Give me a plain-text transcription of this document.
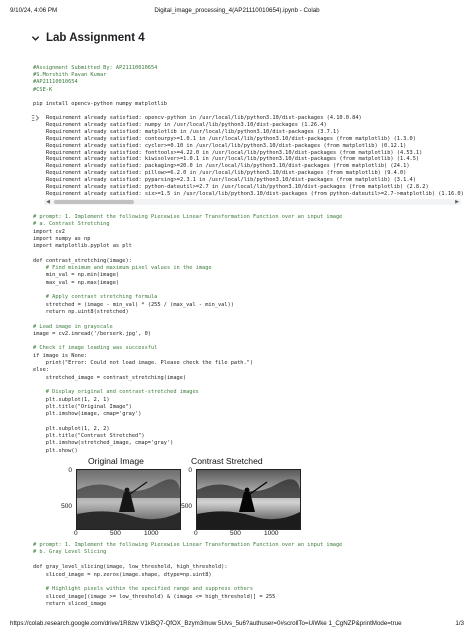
9/10/24, 4:06 PM	Digital_image_processing_4(AP21110010654).ipynb - Colab
Lab Assignment 4
#Assignment Submitted By: AP21110010654
#S.Morshith Pavan Kumar
#AP21110010654
#CSE-K
pip install opencv-python numpy matplotlib
Requirement already satisfied: opencv-python in /usr/local/lib/python3.10/dist-packages (4.10.0.84)
Requirement already satisfied: numpy in /usr/local/lib/python3.10/dist-packages (1.26.4)
Requirement already satisfied: matplotlib in /usr/local/lib/python3.10/dist-packages (3.7.1)
Requirement already satisfied: contourpy>=1.0.1 in /usr/local/lib/python3.10/dist-packages (from matplotlib) (1.3.0)
Requirement already satisfied: cycler>=0.10 in /usr/local/lib/python3.10/dist-packages (from matplotlib) (0.12.1)
Requirement already satisfied: fonttools>=4.22.0 in /usr/local/lib/python3.10/dist-packages (from matplotlib) (4.53.1)
Requirement already satisfied: kiwisolver>=1.0.1 in /usr/local/lib/python3.10/dist-packages (from matplotlib) (1.4.5)
Requirement already satisfied: packaging>=20.0 in /usr/local/lib/python3.10/dist-packages (from matplotlib) (24.1)
Requirement already satisfied: pillow>=6.2.0 in /usr/local/lib/python3.10/dist-packages (from matplotlib) (9.4.0)
Requirement already satisfied: pyparsing>=2.3.1 in /usr/local/lib/python3.10/dist-packages (from matplotlib) (3.1.4)
Requirement already satisfied: python-dateutil>=2.7 in /usr/local/lib/python3.10/dist-packages (from matplotlib) (2.8.2)
Requirement already satisfied: six>=1.5 in /usr/local/lib/python3.10/dist-packages (from python-dateutil>=2.7->matplotlib) (1.16.0)
◀	▶
# prompt: 1. Implement the following Piecewise Linear Transformation Function over an input image
# a. Contrast Stretching
import cv2
import numpy as np
import matplotlib.pyplot as plt
def contrast_stretching(image):
# Find minimum and maximum pixel values in the image
min_val = np.min(image)
max_val = np.max(image)
# Apply contrast stretching formula
stretched = (image - min_val) * (255 / (max_val - min_val))
return np.uint8(stretched)
# Load image in grayscale
image = cv2.imread('/berserk.jpg', 0)
# Check if image loading was successful
if image is None:
print("Error: Could not load image. Please check the file path.")
else:
stretched_image = contrast_stretching(image)
# Display original and contrast-stretched images
plt.subplot(1, 2, 1)
plt.title("Original Image")
plt.imshow(image, cmap='gray')
plt.subplot(1, 2, 2)
plt.title("Contrast Stretched")
plt.imshow(stretched_image, cmap='gray')
plt.show()
Original Image
0
500
0	500	1000
Contrast Stretched
0
500
0	500	1000
# prompt: 1. Implement the following Piecewise Linear Transformation Function over an input image
# b. Gray Level Slicing
def gray_level_slicing(image, low_threshold, high_threshold):
sliced_image = np.zeros(image.shape, dtype=np.uint8)
# Highlight pixels within the specified range and suppress others
sliced_image[(image >= low_threshold) & (image <= high_threshold)] = 255
return sliced_image
https://colab.research.google.com/drive/1R8zw V1kBQ7-QfOX_Bzym3muw 5Uvs_5u6?authuser=0#scrollTo=UiWke 1_CgNZP&printMode=true	1/3
